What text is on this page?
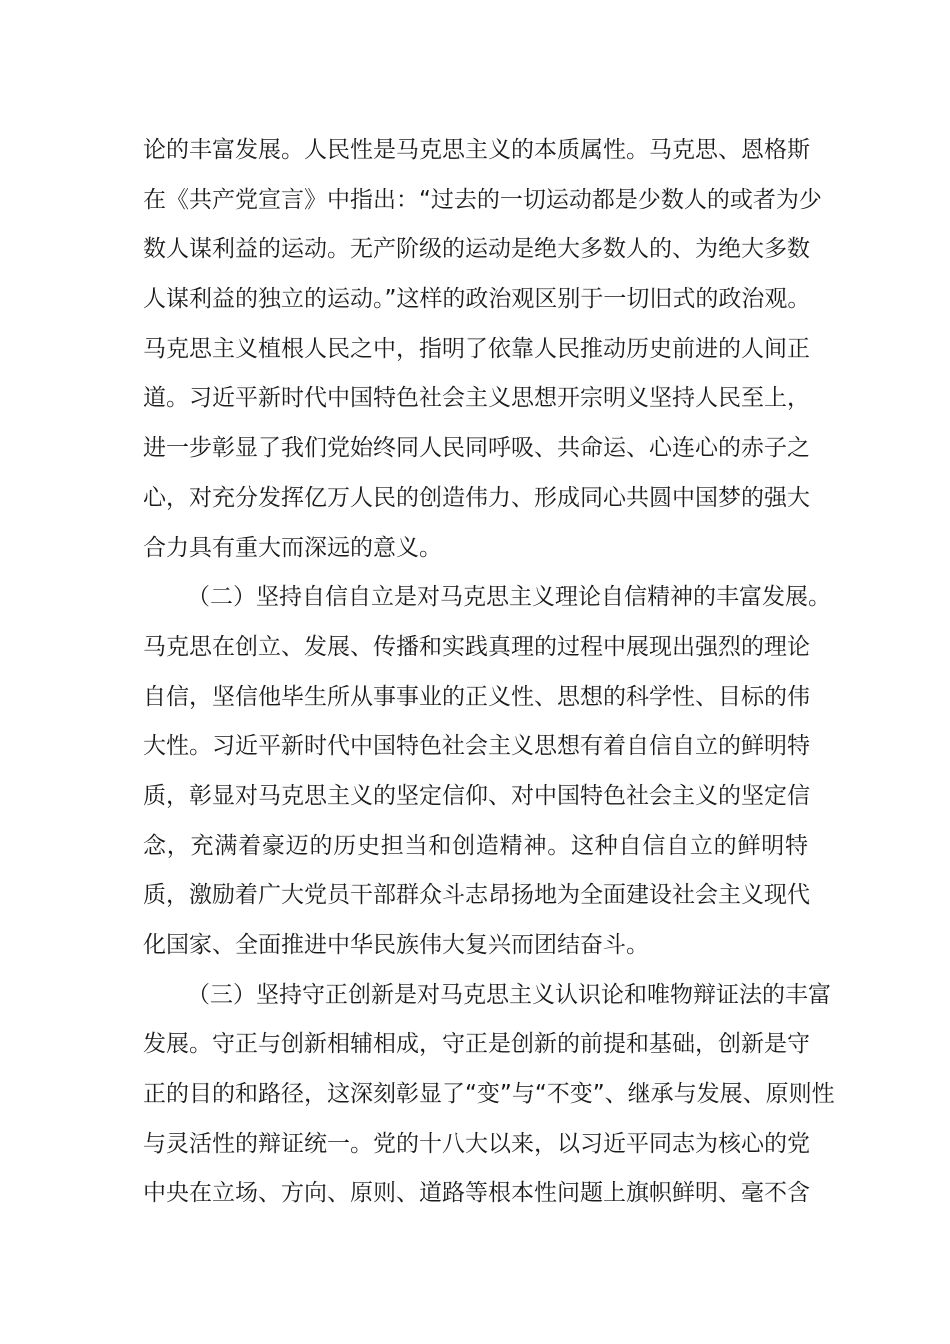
论的丰富发展。人民性是马克思主义的本质属性。马克思、恩格斯
在《共产党宣言》中指出：“过去的一切运动都是少数人的或者为少
数人谋利益的运动。无产阶级的运动是绝大多数人的、为绝大多数
人谋利益的独立的运动。”这样的政治观区别于一切旧式的政治观。
马克思主义植根人民之中，指明了依靠人民推动历史前进的人间正
道。习近平新时代中国特色社会主义思想开宗明义坚持人民至上，
进一步彰显了我们党始终同人民同呼吸、共命运、心连心的赤子之
心，对充分发挥亿万人民的创造伟力、形成同心共圆中国梦的强大
合力具有重大而深远的意义。
（二）坚持自信自立是对马克思主义理论自信精神的丰富发展。
马克思在创立、发展、传播和实践真理的过程中展现出强烈的理论
自信，坚信他毕生所从事事业的正义性、思想的科学性、目标的伟
大性。习近平新时代中国特色社会主义思想有着自信自立的鲜明特
质，彰显对马克思主义的坚定信仰、对中国特色社会主义的坚定信
念，充满着豪迈的历史担当和创造精神。这种自信自立的鲜明特
质，激励着广大党员干部群众斗志昂扬地为全面建设社会主义现代
化国家、全面推进中华民族伟大复兴而团结奋斗。
（三）坚持守正创新是对马克思主义认识论和唯物辩证法的丰富
发展。守正与创新相辅相成，守正是创新的前提和基础，创新是守
正的目的和路径，这深刻彰显了“变”与“不变”、继承与发展、原则性
与灵活性的辩证统一。党的十八大以来，以习近平同志为核心的党
中央在立场、方向、原则、道路等根本性问题上旗帜鲜明、毫不含
